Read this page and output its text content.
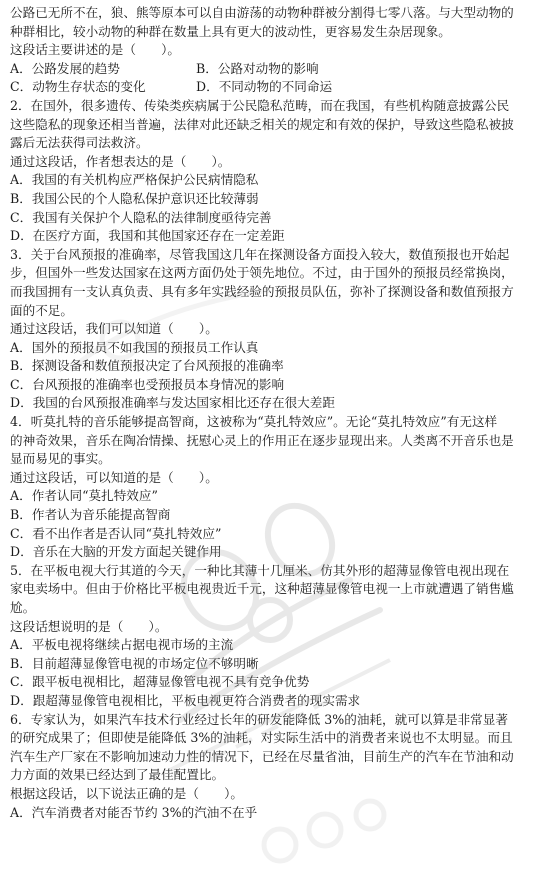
公路已无所不在，狼、熊等原本可以自由游荡的动物种群被分割得七零八落。与大型动物的
种群相比，较小动物的种群在数量上具有更大的波动性，更容易发生杂居现象。
这段话主要讲述的是（　　）。
A．公路发展的趋势	B．公路对动物的影响
C．动物生存状态的变化	D．不同动物的不同命运
2．在国外，很多遗传、传染类疾病属于公民隐私范畴，而在我国，有些机构随意披露公民
这些隐私的现象还相当普遍，法律对此还缺乏相关的规定和有效的保护，导致这些隐私被披
露后无法获得司法救济。
通过这段话，作者想表达的是（　　）。
A．我国的有关机构应严格保护公民病情隐私
B．我国公民的个人隐私保护意识还比较薄弱
C．我国有关保护个人隐私的法律制度亟待完善
D．在医疗方面，我国和其他国家还存在一定差距
3．关于台风预报的准确率，尽管我国这几年在探测设备方面投入较大，数值预报也开始起
步，但国外一些发达国家在这两方面仍处于领先地位。不过，由于国外的预报员经常换岗，
而我国拥有一支认真负责、具有多年实践经验的预报员队伍，弥补了探测设备和数值预报方
面的不足。
通过这段话，我们可以知道（　　）。
A．国外的预报员不如我国的预报员工作认真
B．探测设备和数值预报决定了台风预报的准确率
C．台风预报的准确率也受预报员本身情况的影响
D．我国的台风预报准确率与发达国家相比还存在很大差距
4．听莫扎特的音乐能够提高智商，这被称为“莫扎特效应”。无论“莫扎特效应”有无这样
的神奇效果，音乐在陶冶情操、抚慰心灵上的作用正在逐步显现出来。人类离不开音乐也是
显而易见的事实。
通过这段话，可以知道的是（　　）。
A．作者认同“莫扎特效应”
B．作者认为音乐能提高智商
C．看不出作者是否认同“莫扎特效应”
D．音乐在大脑的开发方面起关键作用
5．在平板电视大行其道的今天，一种比其薄十几厘米、仿其外形的超薄显像管电视出现在
家电卖场中。但由于价格比平板电视贵近千元，这种超薄显像管电视一上市就遭遇了销售尴
尬。
这段话想说明的是（　　）。
A．平板电视将继续占据电视市场的主流
B．目前超薄显像管电视的市场定位不够明晰
C．跟平板电视相比，超薄显像管电视不具有竞争优势
D．跟超薄显像管电视相比，平板电视更符合消费者的现实需求
6．专家认为，如果汽车技术行业经过长年的研发能降低 3%的油耗，就可以算是非常显著
的研究成果了；但即使是能降低 3%的油耗，对实际生活中的消费者来说也不太明显。而且
汽车生产厂家在不影响加速动力性的情况下，已经在尽量省油，目前生产的汽车在节油和动
力方面的效果已经达到了最佳配置比。
根据这段话，以下说法正确的是（　　）。
A．汽车消费者对能否节约 3%的汽油不在乎
